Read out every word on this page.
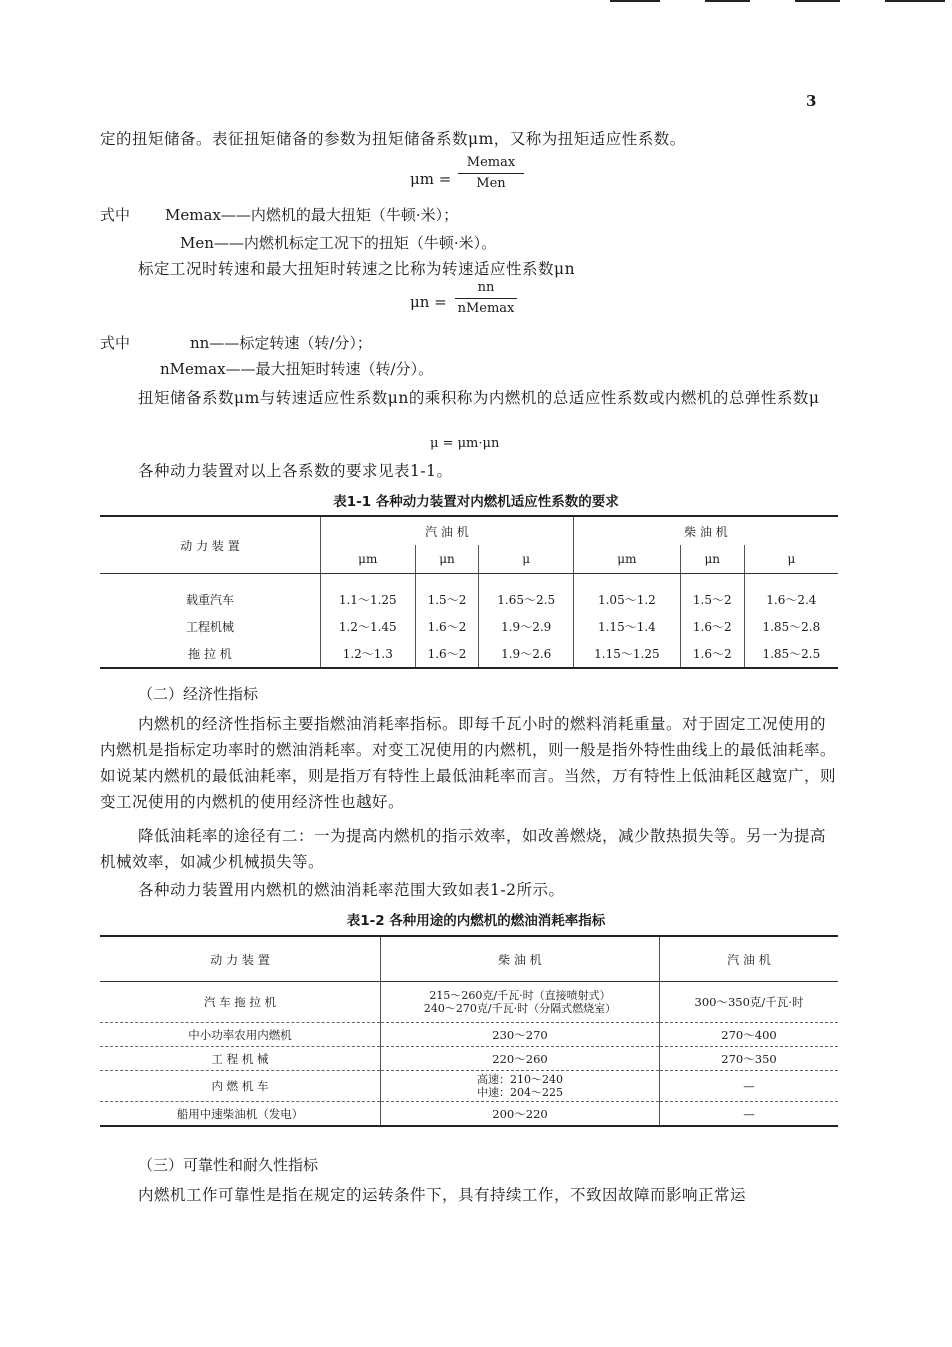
3
定的扭矩储备。表征扭矩储备的参数为扭矩储备系数μm，又称为扭矩适应性系数。
μm =
Memax
Men
式中 Memax——内燃机的最大扭矩（牛顿·米）；
Men——内燃机标定工况下的扭矩（牛顿·米）。
标定工况时转速和最大扭矩时转速之比称为转速适应性系数μn
μn =
nn
nMemax
式中	nn——标定转速（转/分）；
nMemax——最大扭矩时转速（转/分）。
扭矩储备系数μm与转速适应性系数μn的乘积称为内燃机的总适应性系数或内燃机的总弹性系数μ
μ = μm·μn
各种动力装置对以上各系数的要求见表1-1。
表1-1 各种动力装置对内燃机适应性系数的要求
动 力 装 置	汽 油 机			柴 油 机		
	μm	μn	μ	μm	μn	μ
载重汽车	1.1～1.25	1.5～2	1.65～2.5	1.05～1.2	1.5～2	1.6～2.4
工程机械	1.2～1.45	1.6～2	1.9～2.9	1.15～1.4	1.6～2	1.85～2.8
拖 拉 机	1.2～1.3	1.6～2	1.9～2.6	1.15～1.25	1.6～2	1.85～2.5
（二）经济性指标
内燃机的经济性指标主要指燃油消耗率指标。即每千瓦小时的燃料消耗重量。对于固定工况使用的内燃机是指标定功率时的燃油消耗率。对变工况使用的内燃机，则一般是指外特性曲线上的最低油耗率。如说某内燃机的最低油耗率，则是指万有特性上最低油耗率而言。当然，万有特性上低油耗区越宽广，则变工况使用的内燃机的使用经济性也越好。
降低油耗率的途径有二：一为提高内燃机的指示效率，如改善燃烧，减少散热损失等。另一为提高机械效率，如减少机械损失等。
各种动力装置用内燃机的燃油消耗率范围大致如表1-2所示。
表1-2 各种用途的内燃机的燃油消耗率指标
动 力 装 置	柴 油 机	汽 油 机
汽 车 拖 拉 机	215～260克/千瓦·时（直接喷射式）
240～270克/千瓦·时（分隔式燃烧室）	300～350克/千瓦·时
中小功率农用内燃机	230～270	270～400
工 程 机 械	220～260	270～350
内 燃 机 车	高速：210～240
中速：204～225	—
船用中速柴油机（发电）	200～220	—
（三）可靠性和耐久性指标
内燃机工作可靠性是指在规定的运转条件下，具有持续工作，不致因故障而影响正常运
